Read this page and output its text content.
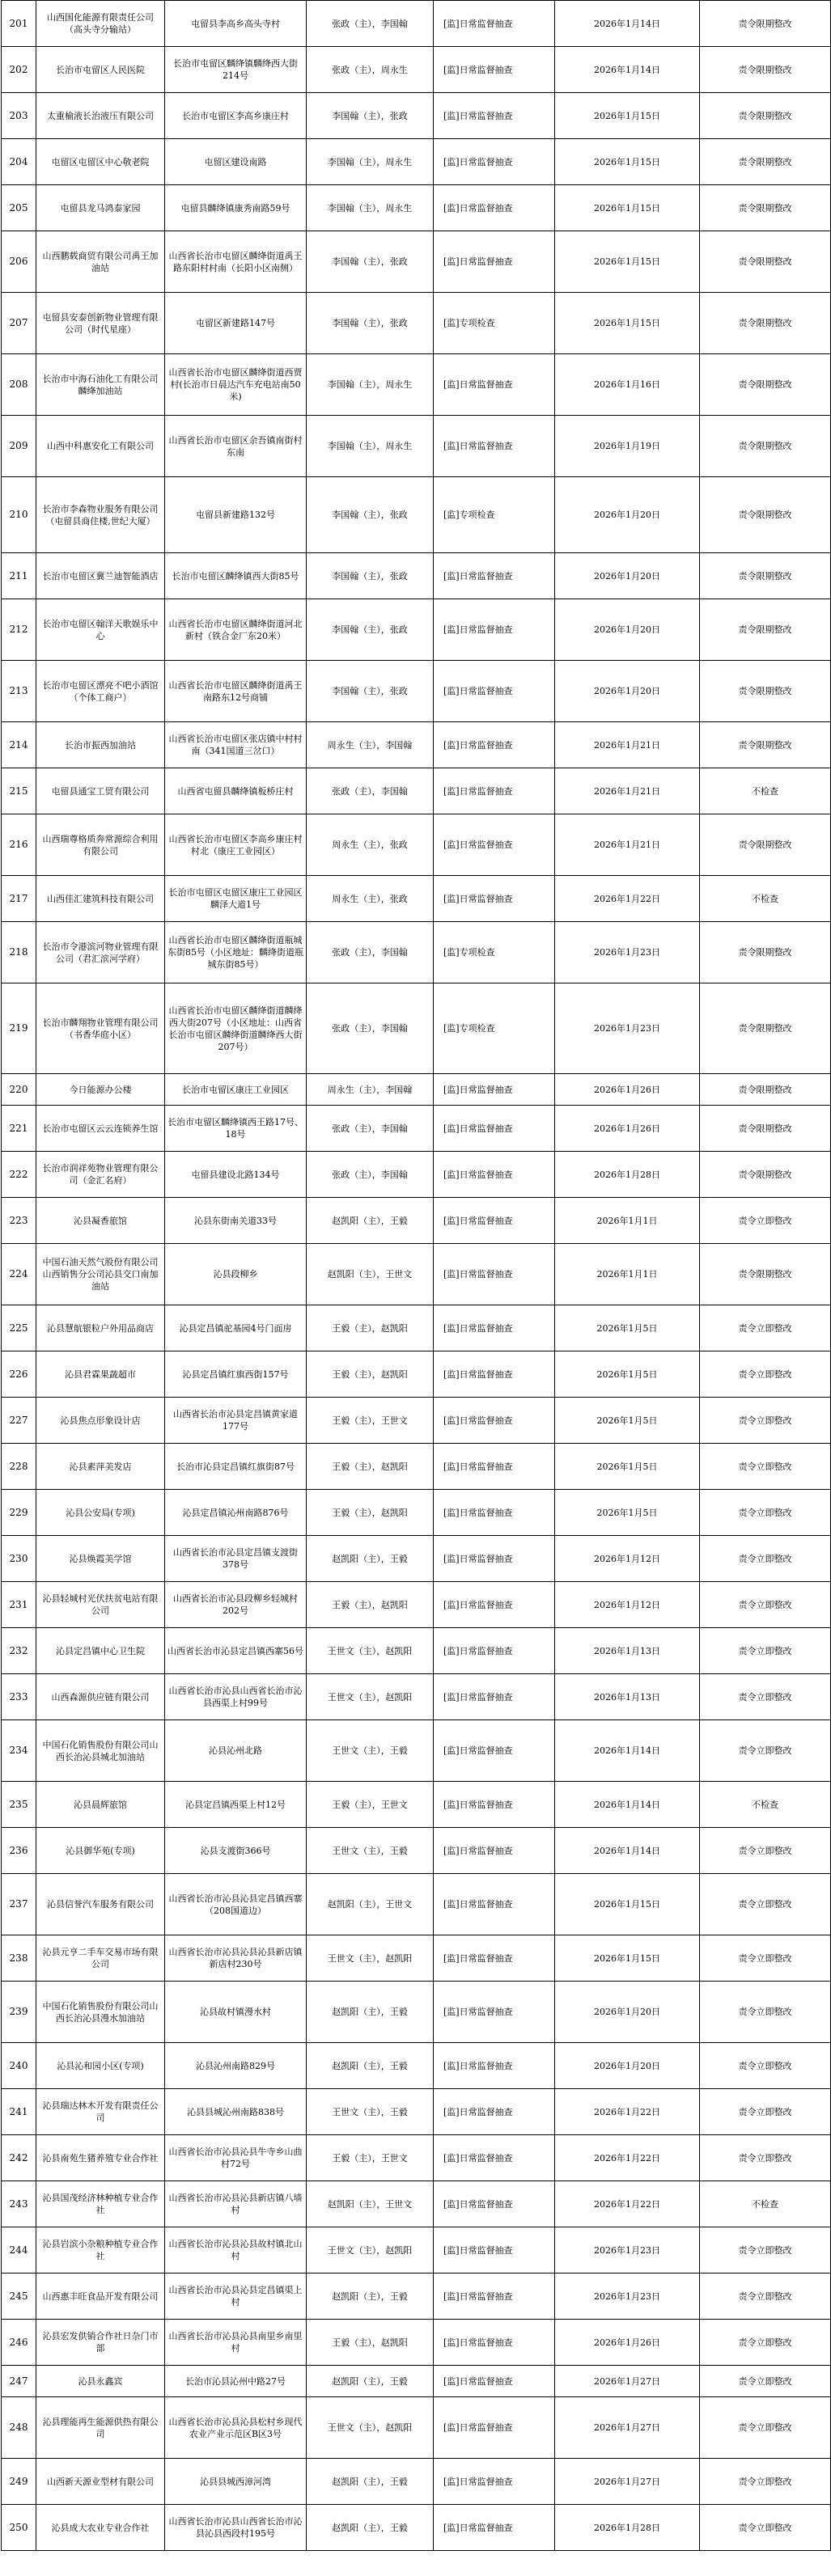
201	山西国化能源有限责任公司（高头寺分输站）	屯留县李高乡高头寺村	张政（主），李国翰	[监]日常监督抽查	2026年1月14日	责令限期整改
202	长治市屯留区人民医院	长治市屯留区麟绛镇麟绛西大街214号	张政（主），周永生	[监]日常监督抽查	2026年1月14日	责令限期整改
203	太重榆液长治液压有限公司	长治市屯留区李高乡康庄村	李国翰（主），张政	[监]日常监督抽查	2026年1月15日	责令限期整改
204	屯留区屯留区中心敬老院	屯留区建设南路	李国翰（主），周永生	[监]日常监督抽查	2026年1月15日	责令限期整改
205	屯留县龙马鸿泰家园	屯留县麟绛镇康秀南路59号	李国翰（主），周永生	[监]日常监督抽查	2026年1月15日	责令限期整改
206	山西鹏载商贸有限公司禹王加油站	山西省长治市屯留区麟绛街道禹王路东阳村村南（长阳小区南侧）	李国翰（主），张政	[监]日常监督抽查	2026年1月15日	责令限期整改
207	屯留县安泰创新物业管理有限公司（时代星座）	屯留区新建路147号	李国翰（主），张政	[监]专项检查	2026年1月15日	责令限期整改
208	长治市中海石油化工有限公司麟绛加油站	山西省长治市屯留区麟绛街道西贾村(长治市日晨达汽车充电站南50米)	李国翰（主），周永生	[监]日常监督抽查	2026年1月16日	责令限期整改
209	山西中科惠安化工有限公司	山西省长治市屯留区余吾镇南街村东南	李国翰（主），周永生	[监]日常监督抽查	2026年1月19日	责令限期整改
210	长治市李森物业服务有限公司（屯留县商住楼,世纪大厦）	屯留县新建路132号	李国翰（主），张政	[监]专项检查	2026年1月20日	责令限期整改
211	长治市屯留区冀兰迪智能酒店	长治市屯留区麟绛镇西大街85号	李国翰（主），张政	[监]日常监督抽查	2026年1月20日	责令限期整改
212	长治市屯留区翰洋天歌娱乐中心	山西省长治市屯留区麟绛街道河北新村（铁合金厂东20米）	李国翰（主），张政	[监]日常监督抽查	2026年1月20日	责令限期整改
213	长治市屯留区漂亮不吧小酒馆（个体工商户）	山西省长治市屯留区麟绛街道禹王南路东12号商铺	李国翰（主），张政	[监]日常监督抽查	2026年1月20日	责令限期整改
214	长治市振西加油站	山西省长治市屯留区张店镇中村村南（341国道三岔口）	周永生（主），李国翰	[监]日常监督抽查	2026年1月21日	责令限期整改
215	屯留县通宝工贸有限公司	山西省屯留县麟绛镇板桥庄村	张政（主），李国翰	[监]日常监督抽查	2026年1月21日	不检查
216	山西瑞尊格质奔常源综合利用有限公司	山西省长治市屯留区李高乡康庄村村北（康庄工业园区）	周永生（主），张政	[监]日常监督抽查	2026年1月21日	责令限期整改
217	山西佳汇建筑科技有限公司	长治市屯留区屯留区康庄工业园区麟泽大道1号	周永生（主），张政	[监]日常监督抽查	2026年1月22日	不检查
218	长治市令港滨河物业管理有限公司（君汇滨河学府）	山西省长治市屯留区麟绛街道瓶城东街85号（小区地址：麟绛街道瓶城东街85号）	张政（主），李国翰	[监]专项检查	2026年1月23日	责令限期整改
219	长治市麟翔物业管理有限公司（书香华庭小区）	山西省长治市屯留区麟绛街道麟绛西大街207号（小区地址：山西省长治市屯留区麟绛街道麟绛西大街207号）	张政（主），李国翰	[监]专项检查	2026年1月23日	责令限期整改
220	今日能源办公楼	长治市屯留区康庄工业园区	周永生（主），李国翰	[监]日常监督抽查	2026年1月26日	责令限期整改
221	长治市屯留区云云连锁养生馆	长治市屯留区麟绛镇西王路17号、18号	张政（主），李国翰	[监]日常监督抽查	2026年1月26日	责令限期整改
222	长治市润祥苑物业管理有限公司（金汇名府）	屯留县建设北路134号	张政（主），李国翰	[监]日常监督抽查	2026年1月28日	责令限期整改
223	沁县凝香旅馆	沁县东街南关道33号	赵凯阳（主），王毅	[监]日常监督抽查	2026年1月1日	责令立即整改
224	中国石油天然气股份有限公司山西销售分公司沁县交口南加油站	沁县段柳乡	赵凯阳（主），王世文	[监]日常监督抽查	2026年1月1日	责令限期整改
225	沁县慧航银粒户外用品商店	沁县定昌镇驼基园4号门面房	王毅（主），赵凯阳	[监]日常监督抽查	2026年1月5日	责令立即整改
226	沁县君霖果蔬超市	沁县定昌镇红旗西街157号	王毅（主），赵凯阳	[监]日常监督抽查	2026年1月5日	责令立即整改
227	沁县焦点形象设计店	山西省长治市沁县定昌镇黄家道177号	王毅（主），王世文	[监]日常监督抽查	2026年1月5日	责令立即整改
228	沁县素萍美发店	长治市沁县定昌镇红旗街87号	王毅（主），赵凯阳	[监]日常监督抽查	2026年1月5日	责令立即整改
229	沁县公安局(专项)	沁县定昌镇沁州南路876号	王毅（主），赵凯阳	[监]日常监督抽查	2026年1月5日	责令立即整改
230	沁县焕霞美学馆	山西省长治市沁县定昌镇支渡街378号	赵凯阳（主），王毅	[监]日常监督抽查	2026年1月12日	责令立即整改
231	沁县轻城村光伏扶贫电站有限公司	山西省长治市沁县段柳乡轻城村202号	王毅（主），赵凯阳	[监]日常监督抽查	2026年1月12日	责令立即整改
232	沁县定昌镇中心卫生院	山西省长治市沁县定昌镇西寨56号	王世文（主），赵凯阳	[监]日常监督抽查	2026年1月13日	责令立即整改
233	山西森源供应链有限公司	山西省长治市沁县山西省长治市沁县西渠上村99号	王世文（主），赵凯阳	[监]日常监督抽查	2026年1月13日	责令立即整改
234	中国石化销售股份有限公司山西长治沁县城北加油站	沁县沁州北路	王世文（主），王毅	[监]日常监督抽查	2026年1月14日	责令立即整改
235	沁县晨辉旅馆	沁县定昌镇西渠上村12号	王毅（主），王世文	[监]日常监督抽查	2026年1月14日	不检查
236	沁县御华苑(专项)	沁县支渡街366号	王世文（主），王毅	[监]日常监督抽查	2026年1月14日	责令立即整改
237	沁县信誉汽车服务有限公司	山西省长治市沁县沁县定昌镇西寨（208国道边）	赵凯阳（主），王世文	[监]日常监督抽查	2026年1月15日	责令立即整改
238	沁县元亨二手车交易市场有限公司	山西省长治市沁县沁县沁县新店镇新店村230号	王世文（主），赵凯阳	[监]日常监督抽查	2026年1月15日	责令立即整改
239	中国石化销售股份有限公司山西长治沁县漫水加油站	沁县故村镇漫水村	赵凯阳（主），王毅	[监]日常监督抽查	2026年1月20日	责令立即整改
240	沁县沁和园小区(专项)	沁县沁州南路829号	赵凯阳（主），王毅	[监]日常监督抽查	2026年1月20日	责令立即整改
241	沁县瑞达林木开发有限责任公司	沁县县城沁州南路838号	王世文（主），王毅	[监]日常监督抽查	2026年1月22日	责令立即整改
242	沁县南苑生猪养殖专业合作社	山西省长治市沁县沁县牛寺乡山曲村72号	王毅（主），王世文	[监]日常监督抽查	2026年1月22日	责令立即整改
243	沁县国茂经济林种植专业合作社	山西省长治市沁县沁县新店镇八墙村	赵凯阳（主），王世文	[监]日常监督抽查	2026年1月22日	不检查
244	沁县岩滨小杂粮种植专业合作社	山西省长治市沁县沁县故村镇北山村	王世文（主），赵凯阳	[监]日常监督抽查	2026年1月23日	责令立即整改
245	山西惠丰旺食品开发有限公司	山西省长治市沁县沁县定昌镇渠上村	赵凯阳（主），王毅	[监]日常监督抽查	2026年1月23日	责令立即整改
246	沁县宏发供销合作社日杂门市部	山西省长治市沁县沁县南里乡南里村	王毅（主），赵凯阳	[监]日常监督抽查	2026年1月26日	责令立即整改
247	沁县永鑫宾	长治市沁县沁州中路27号	赵凯阳（主），王毅	[监]日常监督抽查	2026年1月27日	责令立即整改
248	沁县理能再生能源供热有限公司	山西省长治市沁县沁县松村乡现代农业产业示范区B区3号	王世文（主），赵凯阳	[监]日常监督抽查	2026年1月27日	责令立即整改
249	山西新天源业型材有限公司	沁县县城西漳河湾	赵凯阳（主），王毅	[监]日常监督抽查	2026年1月27日	责令立即整改
250	沁县成大农业专业合作社	山西省长治市沁县山西省长治市沁县沁县西段村195号	赵凯阳（主），王毅	[监]日常监督抽查	2026年1月28日	责令立即整改
